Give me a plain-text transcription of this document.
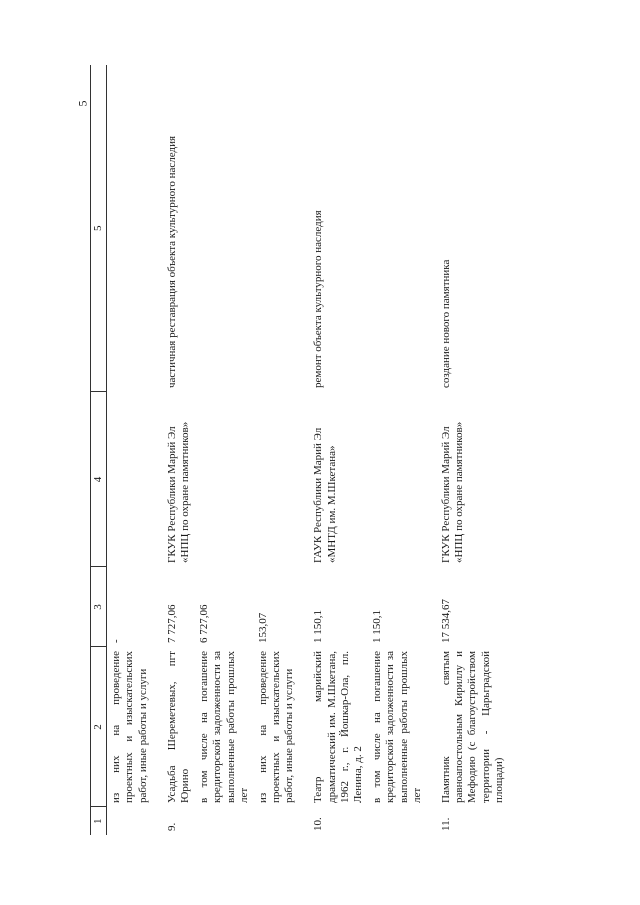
5
1	2	3	4	5
	из них на проведение проектных и изыскательских работ, иные работы и услуги	-		

9.	Усадьба Шереметевых, пгт Юрино	7 727,06	ГКУК Республики Марий Эл «НПЦ по охране памятников»	частичная реставрация объекта культурного наследия
	в том числе на погашение кредиторской задолженности за выполненные работы прошлых лет	6 727,06		
	из них на проведение проектных и изыскательских работ, иные работы и услуги	153,07		

10.	Театр марийский драматический им. М.Шкетана, 1962 г., г. Йошкар-Ола, пл. Ленина, д. 2	1 150,1	ГАУК Республики Марий Эл «МНТД им. М.Шкетана»	ремонт объекта культурного наследия
	в том числе на погашение кредиторской задолженности за выполненные работы прошлых лет	1 150,1		

11.	Памятник святым равноапостольным Кириллу и Мефодию (с благоустройством территории - Царьградской площади)	17 534,67	ГКУК Республики Марий Эл «НПЦ по охране памятников»	создание нового памятника
